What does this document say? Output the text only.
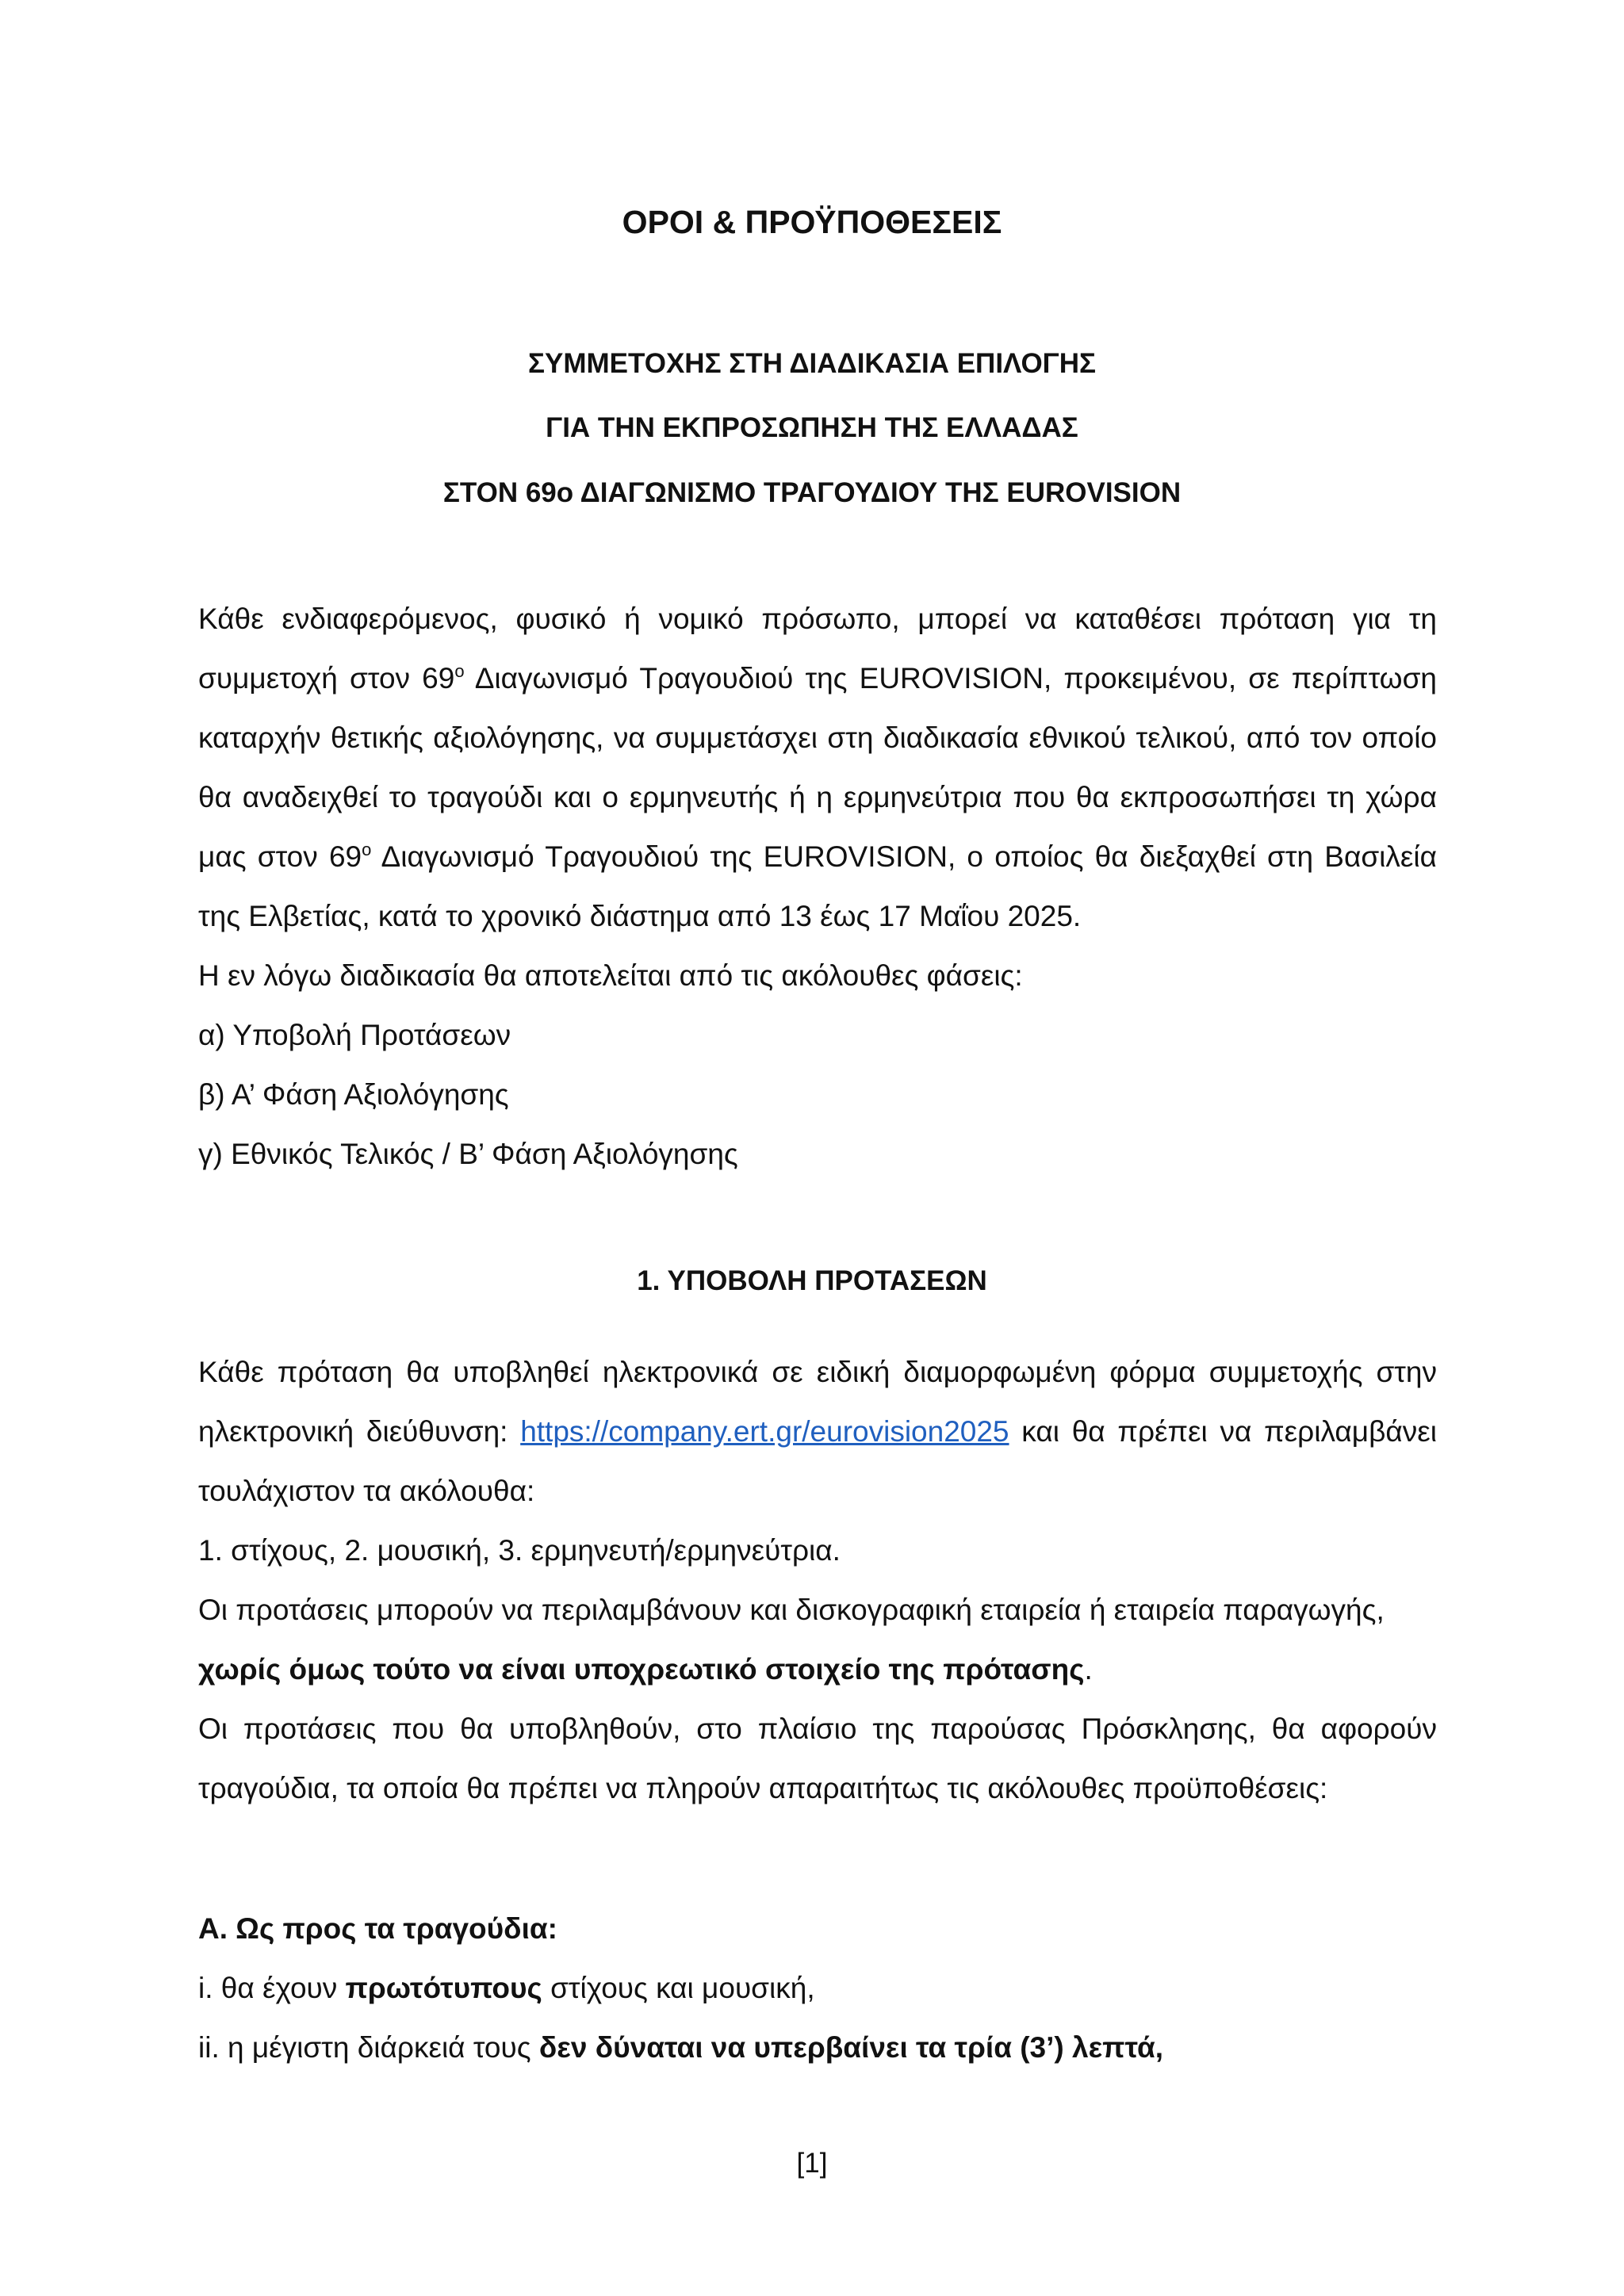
ΟΡΟΙ & ΠΡΟΫΠΟΘΕΣΕΙΣ
ΣΥΜΜΕΤΟΧΗΣ ΣΤΗ ΔΙΑΔΙΚΑΣΙΑ ΕΠΙΛΟΓΗΣ
ΓΙΑ ΤΗΝ ΕΚΠΡΟΣΩΠΗΣΗ ΤΗΣ ΕΛΛΑΔΑΣ
ΣΤΟΝ 69ο ΔΙΑΓΩΝΙΣΜΟ ΤΡΑΓΟΥΔΙΟΥ ΤΗΣ EUROVISION

Κάθε ενδιαφερόμενος, φυσικό ή νομικό πρόσωπο, μπορεί να καταθέσει πρόταση για τη συμμετοχή στον $69^o$ Διαγωνισμό Τραγουδιού της EUROVISION, προκειμένου, σε περίπτωση καταρχήν θετικής αξιολόγησης, να συμμετάσχει στη διαδικασία εθνικού τελικού, από τον οποίο θα αναδειχθεί το τραγούδι και ο ερμηνευτής ή η ερμηνεύτρια που θα εκπροσωπήσει τη χώρα μας στον $69^o$ Διαγωνισμό Τραγουδιού της EUROVISION, ο οποίος θα διεξαχθεί στη Βασιλεία της Ελβετίας, κατά το χρονικό διάστημα από 13 έως 17 Μαΐου 2025.

Η εν λόγω διαδικασία θα αποτελείται από τις ακόλουθες φάσεις:

α) Υποβολή Προτάσεων

β) Α’ Φάση Αξιολόγησης

γ) Εθνικός Τελικός / Β’ Φάση Αξιολόγησης

1. ΥΠΟΒΟΛΗ ΠΡΟΤΑΣΕΩΝ

Κάθε πρόταση θα υποβληθεί ηλεκτρονικά σε ειδική διαμορφωμένη φόρμα συμμετοχής στην ηλεκτρονική διεύθυνση: https://company.ert.gr/eurovision2025 και θα πρέπει να περιλαμβάνει τουλάχιστον τα ακόλουθα:

1. στίχους, 2. μουσική, 3. ερμηνευτή/ερμηνεύτρια.

Οι προτάσεις μπορούν να περιλαμβάνουν και δισκογραφική εταιρεία ή εταιρεία παραγωγής,
χωρίς όμως τούτο να είναι υποχρεωτικό στοιχείο της πρότασης.

Οι προτάσεις που θα υποβληθούν, στο πλαίσιο της παρούσας Πρόσκλησης, θα αφορούν τραγούδια, τα οποία θα πρέπει να πληρούν απαραιτήτως τις ακόλουθες προϋποθέσεις:

Α. Ως προς τα τραγούδια:

i. θα έχουν πρωτότυπους στίχους και μουσική,

ii. η μέγιστη διάρκειά τους δεν δύναται να υπερβαίνει τα τρία (3’) λεπτά,

[1]
